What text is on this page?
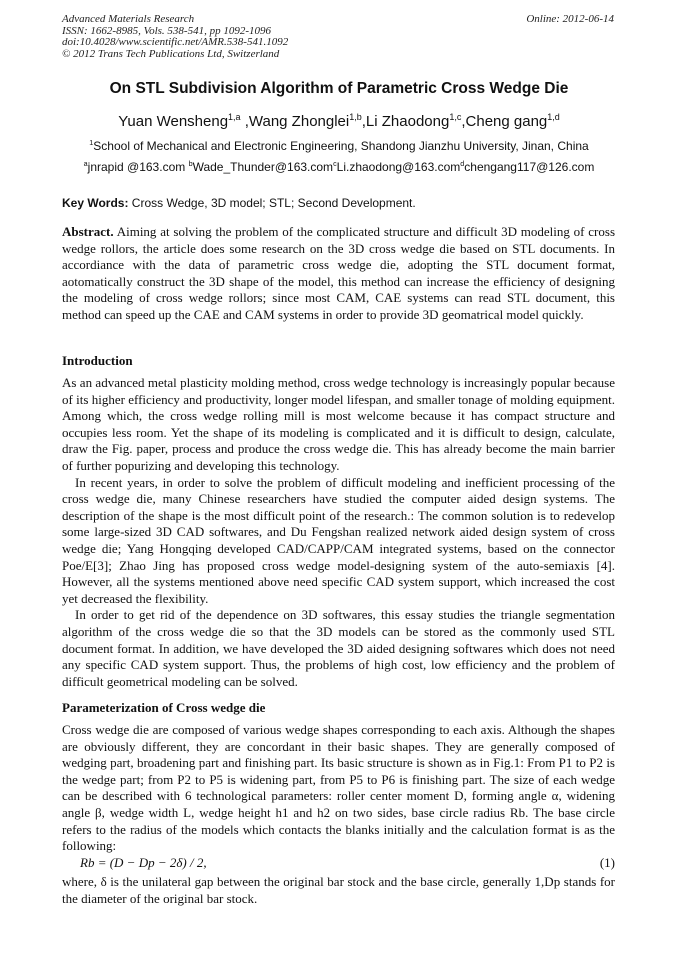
Advanced Materials Research
ISSN: 1662-8985, Vols. 538-541, pp 1092-1096
doi:10.4028/www.scientific.net/AMR.538-541.1092
© 2012 Trans Tech Publications Ltd, Switzerland
Online: 2012-06-14
On STL Subdivision Algorithm of Parametric Cross Wedge Die
Yuan Wensheng$^{1,a}$ ,Wang Zhonglei$^{1,b}$,Li Zhaodong$^{1,c}$,Cheng gang$^{1,d}$
$^1$School of Mechanical and Electronic Engineering, Shandong Jianzhu University, Jinan, China
$^a$jnrapid @163.com $^b$Wade_Thunder@163.com$^c$Li.zhaodong@163.com$^d$chengang117@126.com
Key Words: Cross Wedge, 3D model; STL; Second Development.

Abstract. Aiming at solving the problem of the complicated structure and difficult 3D modeling of cross wedge rollors, the article does some research on the 3D cross wedge die based on STL documents. In accordiance with the data of parametric cross wedge die, adopting the STL document format, aotomatically construct the 3D shape of the model, this method can increase the efficiency of designing the modeling of cross wedge rollors; since most CAM, CAE systems can read STL document, this method can speed up the CAE and CAM systems in order to provide 3D geomatrical model quickly.

Introduction

As an advanced metal plasticity molding method, cross wedge technology is increasingly popular because of its higher efficiency and productivity, longer model lifespan, and smaller tonage of molding equipment. Among which, the cross wedge rolling mill is most welcome because it has compact structure and occupies less room. Yet the shape of its modeling is complicated and it is difficult to design, calculate, draw the Fig. paper, process and produce the cross wedge die. This has already become the main barrier of further popurizing and developing this technology.

In recent years, in order to solve the problem of difficult modeling and inefficient processing of the cross wedge die, many Chinese researchers have studied the computer aided design systems. The description of the shape is the most difficult point of the research.: The common solution is to redevelop some large-sized 3D CAD softwares, and Du Fengshan realized network aided design system of cross wedge die; Yang Hongqing developed CAD/CAPP/CAM integrated systems, based on the connector Poe/E[3]; Zhao Jing has proposed cross wedge model-designing system of the auto-semiaxis [4]. However, all the systems mentioned above need specific CAD system support, which increased the cost yet decreased the flexibility.

In order to get rid of the dependence on 3D softwares, this essay studies the triangle segmentation algorithm of the cross wedge die so that the 3D models can be stored as the commonly used STL document format. In addition, we have developed the 3D aided designing softwares which does not need any specific CAD system support. Thus, the problems of high cost, low efficiency and the problem of difficult geometrical modeling can be solved.

Parameterization of Cross wedge die

Cross wedge die are composed of various wedge shapes corresponding to each axis. Although the shapes are obviously different, they are concordant in their basic shapes. They are generally composed of wedging part, broadening part and finishing part. Its basic structure is shown as in Fig.1: From P1 to P2 is the wedge part; from P2 to P5 is widening part, from P5 to P6 is finishing part. The size of each wedge can be described with 6 technological parameters: roller center moment D, forming angle α, widening angle β, wedge width L, wedge height h1 and h2 on two sides, base circle radius Rb. The base circle refers to the radius of the models which contacts the blanks initially and the calculation format is as the following:

Rb = (D − Dp − 2δ) / 2,	(1)

where, δ is the unilateral gap between the original bar stock and the base circle, generally 1,Dp stands for the diameter of the original bar stock.
